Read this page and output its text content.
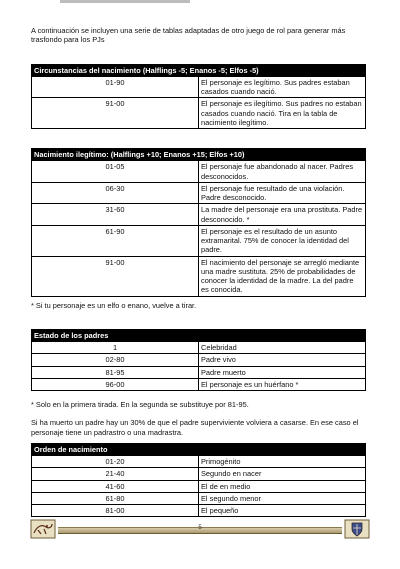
A continuación se incluyen una serie de tablas adaptadas de otro juego de rol para generar más trasfondo para los PJs

Circunstancias del nacimiento (Halflings -5; Enanos -5; Elfos -5)	
01-90	El personaje es legítimo. Sus padres estaban casados cuando nació.
91-00	El personaje es ilegítimo. Sus padres no estaban casados cuando nació. Tira en la tabla de nacimiento ilegítimo.
Nacimiento ilegítimo: (Halflings +10; Enanos +15; Elfos +10)	
01-05	El personaje fue abandonado al nacer. Padres desconocidos.
06-30	El personaje fue resultado de una violación. Padre desconocido.
31-60	La madre del personaje era una prostituta. Padre desconocido. *
61-90	El personaje es el resultado de un asunto extramarital. 75% de conocer la identidad del padre.
91-00	El nacimiento del personaje se arregló mediante una madre sustituta. 25% de probabilidades de conocer la identidad de la madre. La del padre es conocida.

* Si tu personaje es un elfo o enano, vuelve a tirar.

Estado de los padres	
1	Celebridad
02-80	Padre vivo
81-95	Padre muerto
96-00	El personaje es un huérfano *

* Solo en la primera tirada. En la segunda se substituye por 81-95.

Si ha muerto un padre hay un 30% de que el padre superviviente volviera a casarse. En ese caso el personaje tiene un padrastro o una madrastra.

Orden de nacimiento	
01-20	Primogénito
21-40	Segundo en nacer
41-60	El de en medio
61-80	El segundo menor
81-00	El pequeño
5
